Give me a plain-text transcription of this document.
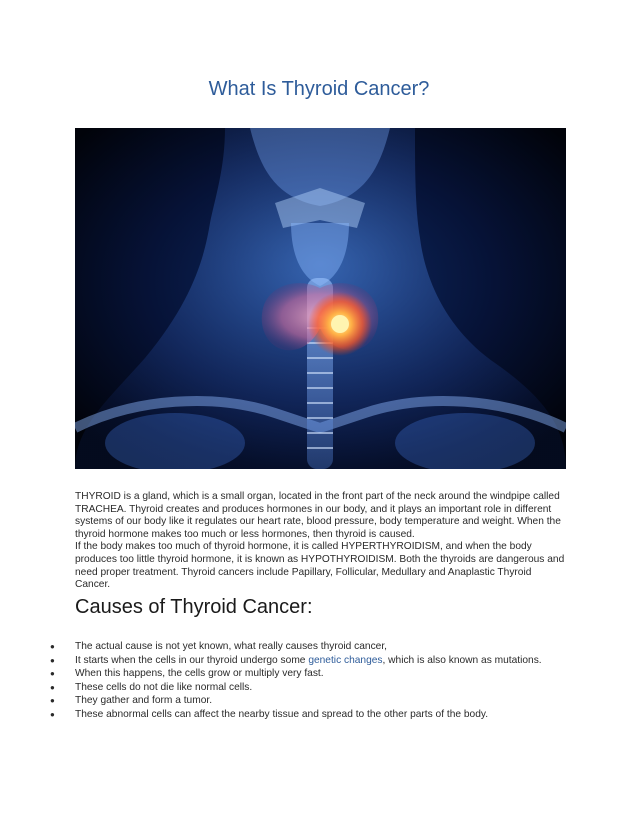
What Is Thyroid Cancer?

THYROID is a gland, which is a small organ, located in the front part of the neck around the windpipe called TRACHEA. Thyroid creates and produces hormones in our body, and it plays an important role in different systems of our body like it regulates our heart rate, blood pressure, body temperature and weight. When the thyroid hormone makes too much or less hormones, then thyroid is caused.

If the body makes too much of thyroid hormone, it is called HYPERTHYROIDISM, and when the body produces too little thyroid hormone, it is known as HYPOTHYROIDISM. Both the thyroids are dangerous and need proper treatment. Thyroid cancers include Papillary, Follicular, Medullary and Anaplastic Thyroid Cancer.

Causes of Thyroid Cancer:
● The actual cause is not yet known, what really causes thyroid cancer,
● It starts when the cells in our thyroid undergo some genetic changes, which is also known as mutations.
● When this happens, the cells grow or multiply very fast.
● These cells do not die like normal cells.
● They gather and form a tumor.
● These abnormal cells can affect the nearby tissue and spread to the other parts of the body.
